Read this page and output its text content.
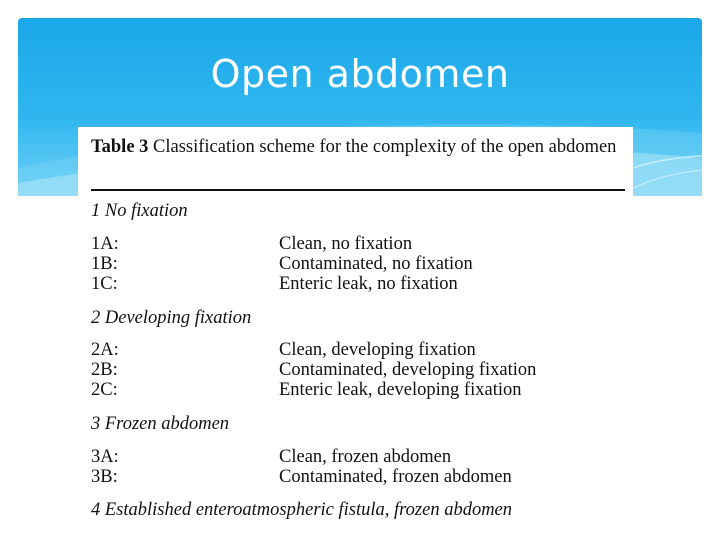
Open abdomen
Table 3 Classification scheme for the complexity of the open abdomen
1 No fixation
1A:	Clean, no fixation
1B:	Contaminated, no fixation
1C:	Enteric leak, no fixation
2 Developing fixation
2A:	Clean, developing fixation
2B:	Contaminated, developing fixation
2C:	Enteric leak, developing fixation
3 Frozen abdomen
3A:	Clean, frozen abdomen
3B:	Contaminated, frozen abdomen
4 Established enteroatmospheric fistula, frozen abdomen
